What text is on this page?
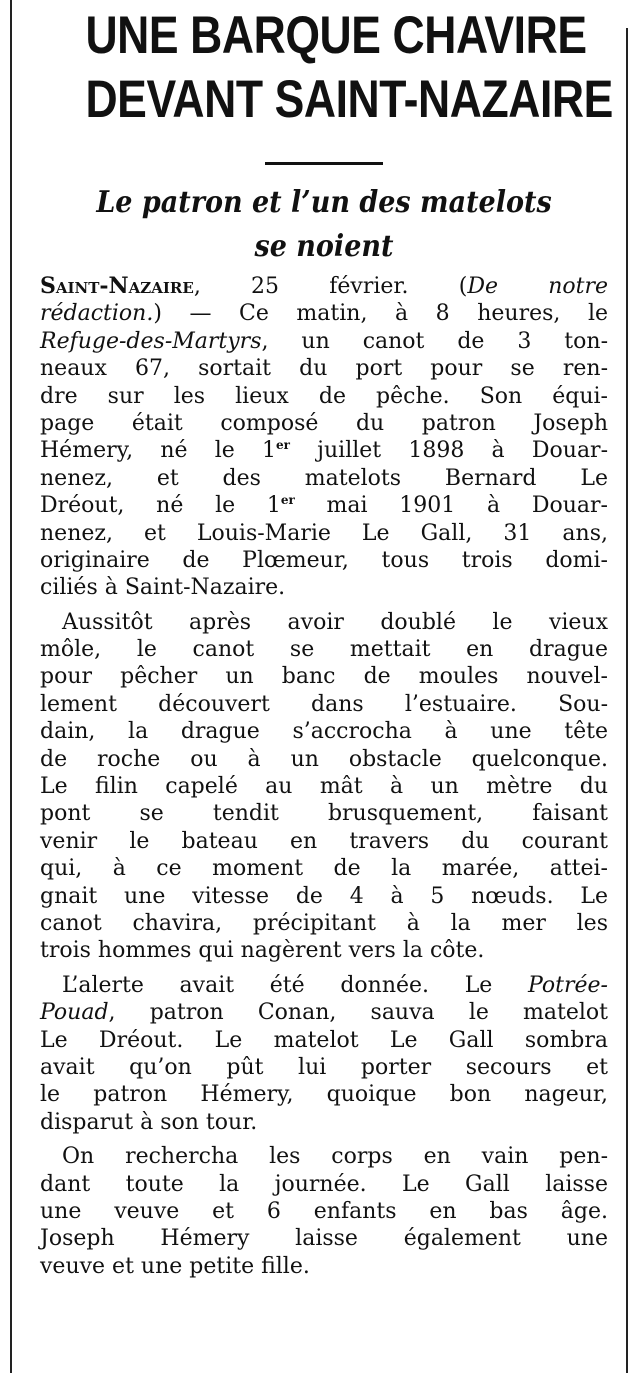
UNE BARQUE CHAVIRE
DEVANT SAINT-NAZAIRE
Le patron et l’un des matelots
se noient
Saint-Nazaire, 25 février. (De notre
rédaction.) — Ce matin, à 8 heures, le
Refuge-des-Martyrs, un canot de 3 ton-
neaux 67, sortait du port pour se ren-
dre sur les lieux de pêche. Son équi-
page était composé du patron Joseph
Hémery, né le 1er juillet 1898 à Douar-
nenez, et des matelots Bernard Le
Dréout, né le 1er mai 1901 à Douar-
nenez, et Louis-Marie Le Gall, 31 ans,
originaire de Plœmeur, tous trois domi-
ciliés à Saint-Nazaire.
Aussitôt après avoir doublé le vieux
môle, le canot se mettait en drague
pour pêcher un banc de moules nouvel-
lement découvert dans l’estuaire. Sou-
dain, la drague s’accrocha à une tête
de roche ou à un obstacle quelconque.
Le filin capelé au mât à un mètre du
pont se tendit brusquement, faisant
venir le bateau en travers du courant
qui, à ce moment de la marée, attei-
gnait une vitesse de 4 à 5 nœuds. Le
canot chavira, précipitant à la mer les
trois hommes qui nagèrent vers la côte.
L’alerte avait été donnée. Le Potrée-
Pouad, patron Conan, sauva le matelot
Le Dréout. Le matelot Le Gall sombra
avait qu’on pût lui porter secours et
le patron Hémery, quoique bon nageur,
disparut à son tour.
On rechercha les corps en vain pen-
dant toute la journée. Le Gall laisse
une veuve et 6 enfants en bas âge.
Joseph Hémery laisse également une
veuve et une petite fille.
